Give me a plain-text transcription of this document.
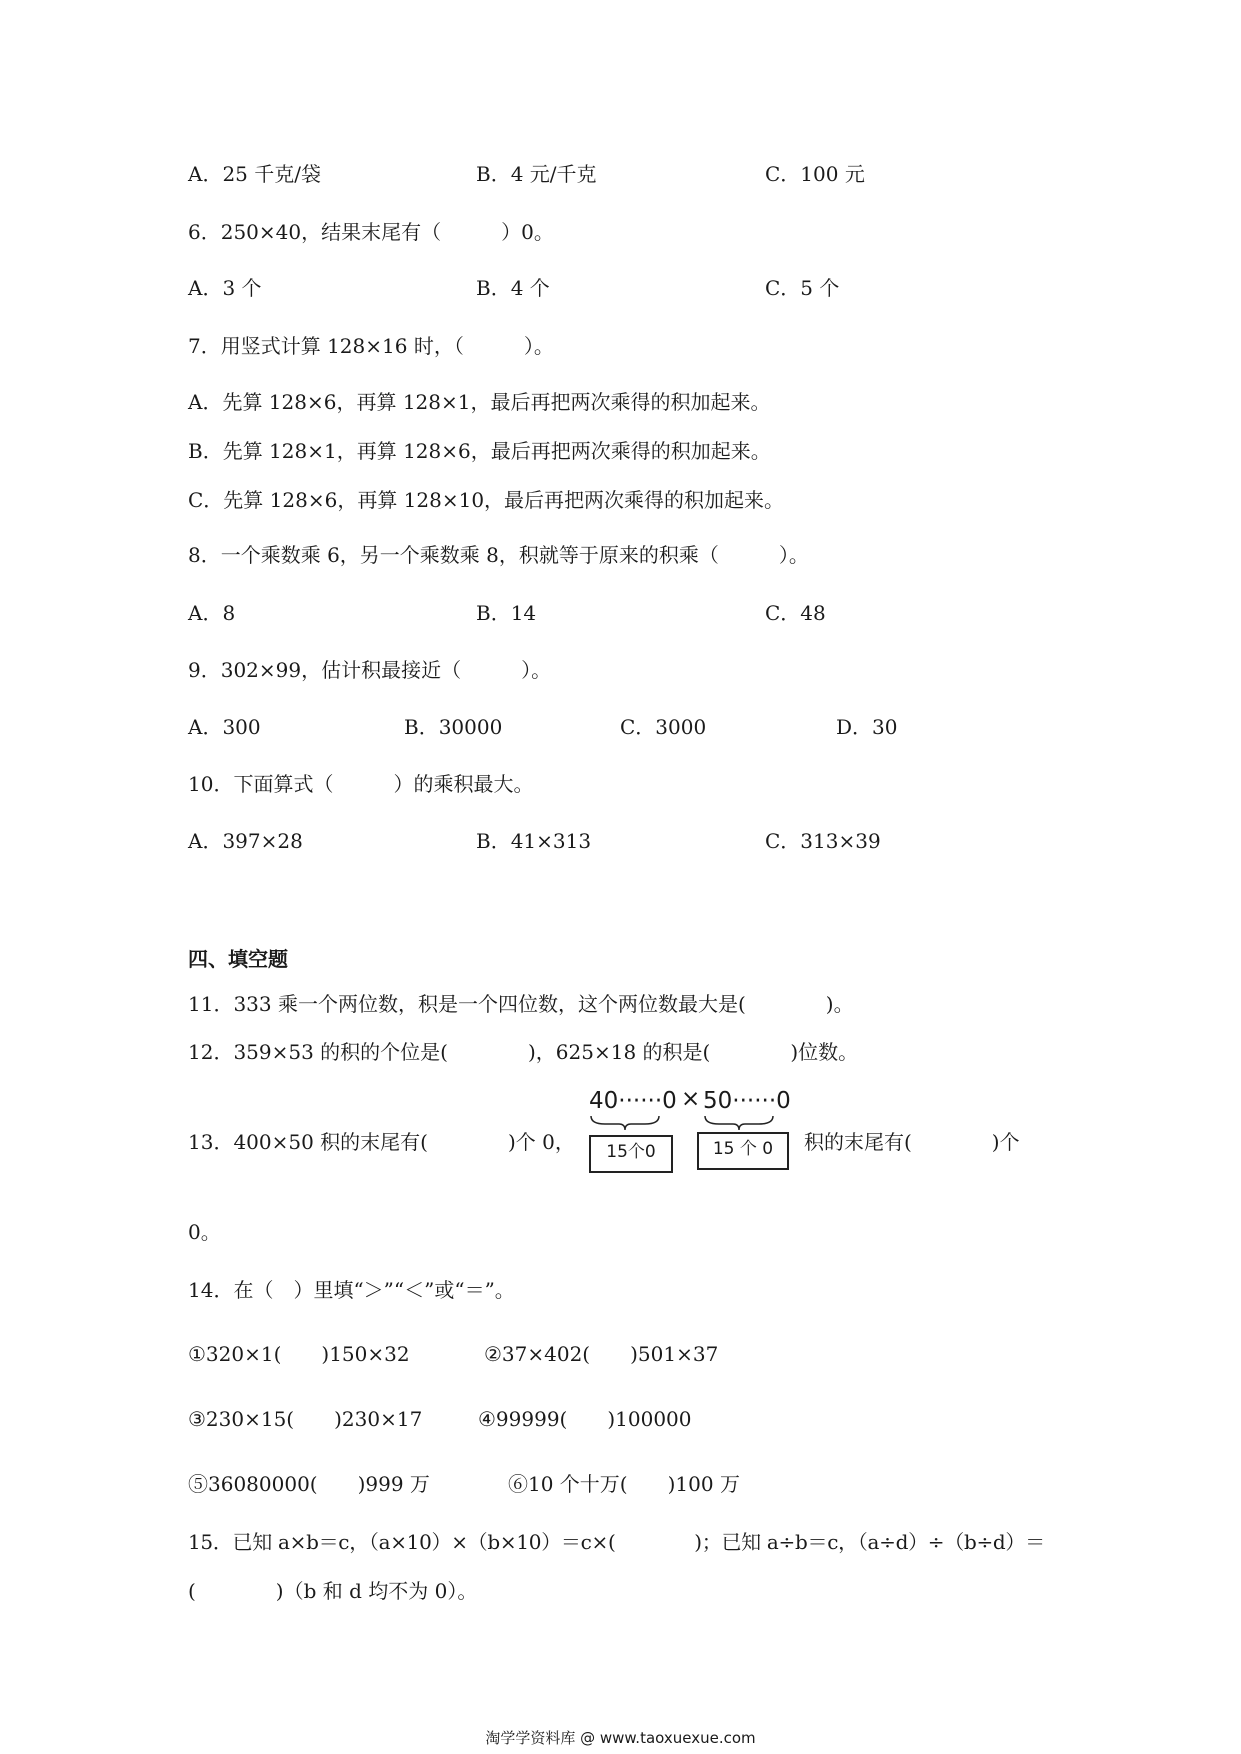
A．25 千克/袋	B．4 元/千克	C．100 元
6．250×40，结果末尾有（　　　）0。
A．3 个	B．4 个	C．5 个
7．用竖式计算 128×16 时，（　　　）。
A．先算 128×6，再算 128×1，最后再把两次乘得的积加起来。
B．先算 128×1，再算 128×6，最后再把两次乘得的积加起来。
C．先算 128×6，再算 128×10，最后再把两次乘得的积加起来。
8．一个乘数乘 6，另一个乘数乘 8，积就等于原来的积乘（　　　）。
A．8	B．14	C．48
9．302×99，估计积最接近（　　　）。
A．300	B．30000	C．3000	D．30
10．下面算式（　　　）的乘积最大。
A．397×28	B．41×313	C．313×39
四、填空题
11．333 乘一个两位数，积是一个四位数，这个两位数最大是(　　　　)。
12．359×53 的积的个位是(　　　　)，625×18 的积是(　　　　)位数。
13．400×50 积的末尾有(　　　　)个 0，
40······0 × 50······0
15个0	15 个 0	积的末尾有(　　　　)个
0。
14．在（　）里填“＞”“＜”或“＝”。
①320×1(　　)150×32	②37×402(　　)501×37
③230×15(　　)230×17	④99999(　　)100000
⑤36080000(　　)999 万	⑥10 个十万(　　)100 万
15．已知 a×b＝c，（a×10）×（b×10）＝c×(　　　　)；已知 a÷b＝c，（a÷d）÷（b÷d）＝
(　　　　)（b 和 d 均不为 0）。
淘学学资料库 @ www.taoxuexue.com
